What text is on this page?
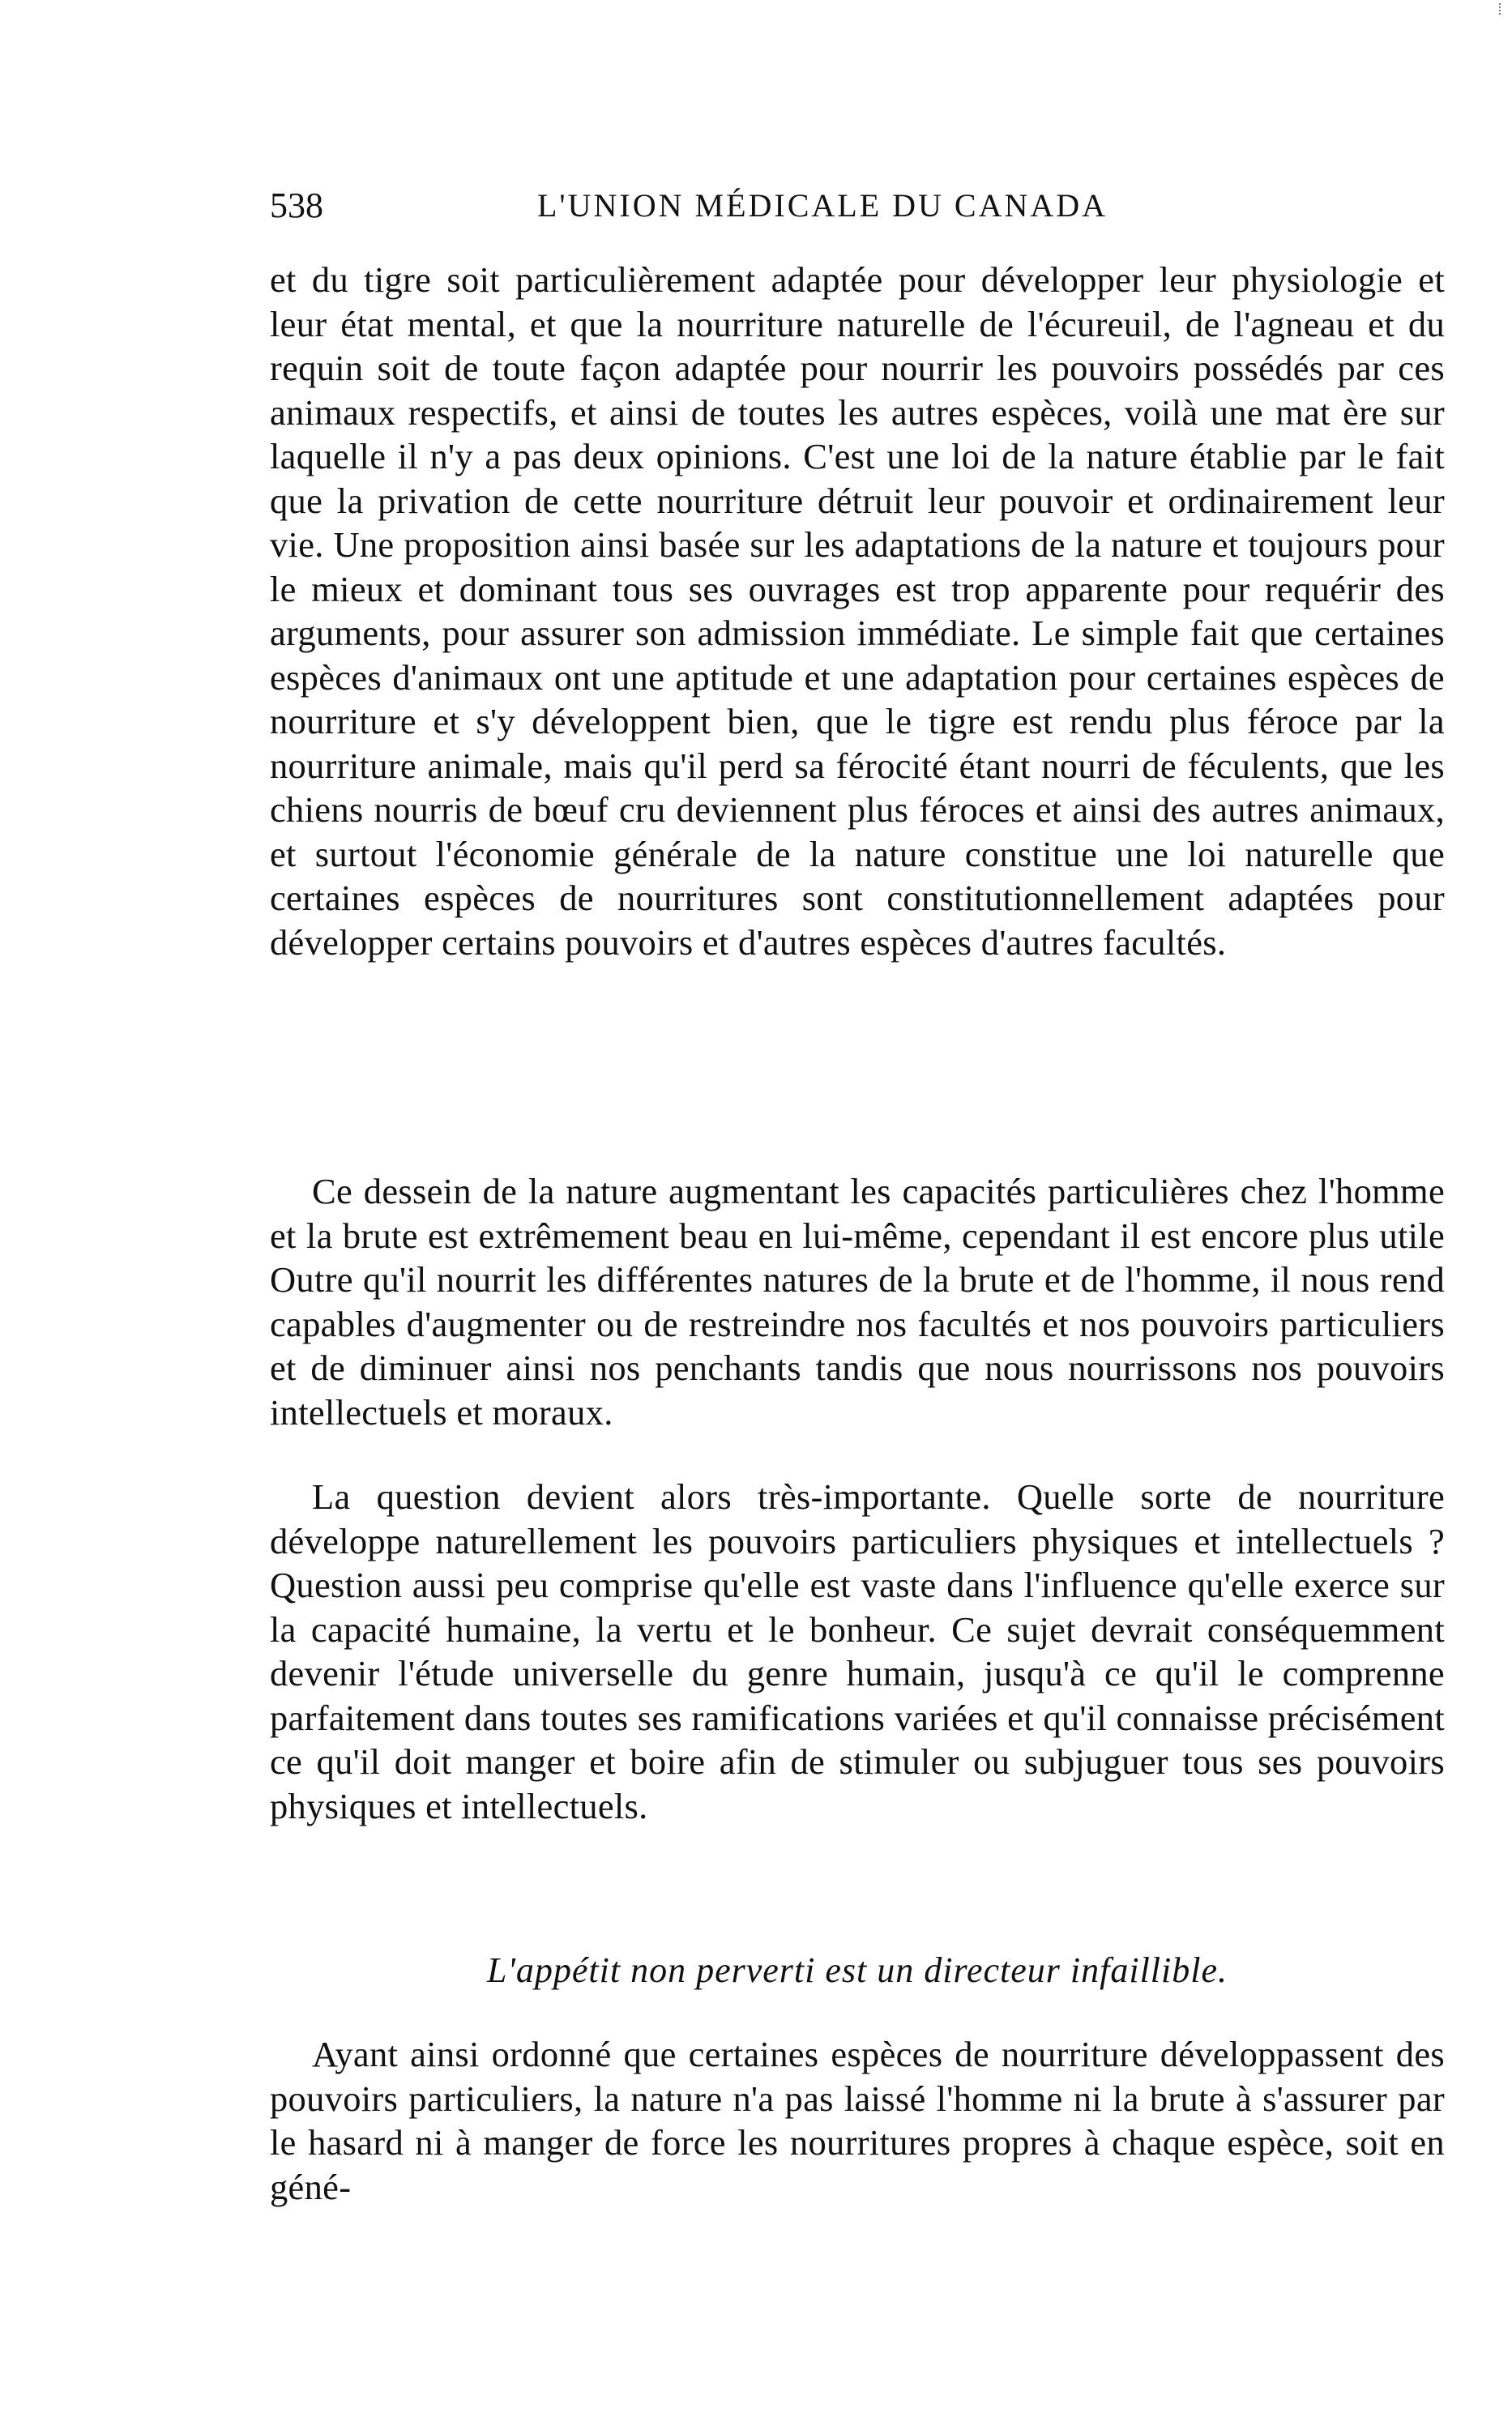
538	L'UNION MÉDICALE DU CANADA

et du tigre soit particulièrement adaptée pour développer leur physiologie et leur état mental, et que la nourriture naturelle de l'écureuil, de l'agneau et du requin soit de toute façon adaptée pour nourrir les pouvoirs possédés par ces animaux respectifs, et ainsi de toutes les autres espèces, voilà une mat ère sur laquelle il n'y a pas deux opinions. C'est une loi de la nature établie par le fait que la privation de cette nourriture détruit leur pouvoir et ordinairement leur vie. Une proposition ainsi basée sur les adaptations de la nature et toujours pour le mieux et dominant tous ses ouvrages est trop apparente pour requérir des arguments, pour assurer son admission immédiate. Le simple fait que certaines espèces d'animaux ont une aptitude et une adaptation pour certaines espèces de nourriture et s'y développent bien, que le tigre est rendu plus féroce par la nourriture animale, mais qu'il perd sa férocité étant nourri de féculents, que les chiens nourris de bœuf cru deviennent plus féroces et ainsi des autres animaux, et surtout l'économie générale de la nature constitue une loi naturelle que certaines espèces de nourritures sont constitutionnellement adaptées pour développer certains pouvoirs et d'autres espèces d'autres facultés.

Ce dessein de la nature augmentant les capacités particulières chez l'homme et la brute est extrêmement beau en lui-même, cependant il est encore plus utile Outre qu'il nourrit les différentes natures de la brute et de l'homme, il nous rend capables d'augmenter ou de restreindre nos facultés et nos pouvoirs particuliers et de diminuer ainsi nos penchants tandis que nous nourrissons nos pouvoirs intellectuels et moraux.

La question devient alors très-importante. Quelle sorte de nourriture développe naturellement les pouvoirs particuliers physiques et intellectuels ? Question aussi peu comprise qu'elle est vaste dans l'influence qu'elle exerce sur la capacité humaine, la vertu et le bonheur. Ce sujet devrait conséquemment devenir l'étude universelle du genre humain, jusqu'à ce qu'il le comprenne parfaitement dans toutes ses ramifications variées et qu'il connaisse précisément ce qu'il doit manger et boire afin de stimuler ou subjuguer tous ses pouvoirs physiques et intellectuels.

L'appétit non perverti est un directeur infaillible.

Ayant ainsi ordonné que certaines espèces de nourriture développassent des pouvoirs particuliers, la nature n'a pas laissé l'homme ni la brute à s'assurer par le hasard ni à manger de force les nourritures propres à chaque espèce, soit en géné-
